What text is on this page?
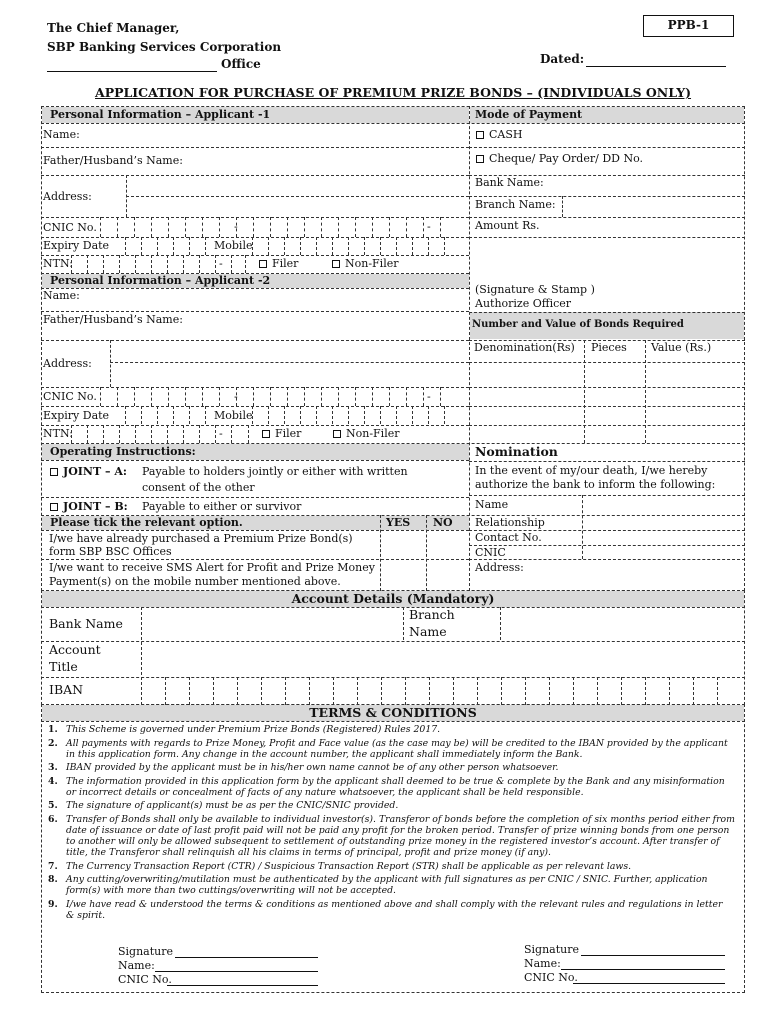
The Chief Manager,
SBP Banking Services Corporation
Office
PPB-1
Dated:
APPLICATION FOR PURCHASE OF PREMIUM PRIZE BONDS – (INDIVIDUALS ONLY)
Personal Information – Applicant -1
Name:
Father/Husband’s Name:
Address:
CNIC No.
Expiry Date	Mobile
NTN:	Filer	Non-Filer
-	-
-
Personal Information – Applicant -2
Name:
Father/Husband’s Name:
Address:
CNIC No.
Expiry Date	Mobile
NTN:	Filer	Non-Filer
-	-
-
Operating Instructions:
JOINT – A: Payable to holders jointly or either with written
consent of the other
JOINT – B: Payable to either or survivor
Please tick the relevant option.	YES NO
I/we have already purchased a Premium Prize Bond(s)
form SBP BSC Offices
I/we want to receive SMS Alert for Profit and Prize Money
Payment(s) on the mobile number mentioned above.
Mode of Payment
CASH
Cheque/ Pay Order/ DD No.
Bank Name:
Branch Name:
Amount Rs.
(Signature & Stamp )
Authorize Officer
Number and Value of Bonds Required
Denomination(Rs) Pieces Value (Rs.)
Nomination
In the event of my/our death, I/we hereby
authorize the bank to inform the following:
Name
Relationship
Contact No.
CNIC
Address:
Account Details (Mandatory)
Bank Name
Branch
Name
Account
Title
IBAN
TERMS & CONDITIONS
1. This Scheme is governed under Premium Prize Bonds (Registered) Rules 2017.
2. All payments with regards to Prize Money, Profit and Face value (as the case may be) will be credited to the IBAN provided by the applicant
in this application form. Any change in the account number, the applicant shall immediately inform the Bank.
3. IBAN provided by the applicant must be in his/her own name cannot be of any other person whatsoever.
4. The information provided in this application form by the applicant shall deemed to be true & complete by the Bank and any misinformation
or incorrect details or concealment of facts of any nature whatsoever, the applicant shall be held responsible.
5. The signature of applicant(s) must be as per the CNIC/SNIC provided.
6. Transfer of Bonds shall only be available to individual investor(s). Transferor of bonds before the completion of six months period either from
date of issuance or date of last profit paid will not be paid any profit for the broken period. Transfer of prize winning bonds from one person
to another will only be allowed subsequent to settlement of outstanding prize money in the registered investor’s account. After transfer of
title, the Transferor shall relinquish all his claims in terms of principal, profit and prize money (if any).
7. The Currency Transaction Report (CTR) / Suspicious Transaction Report (STR) shall be applicable as per relevant laws.
8. Any cutting/overwriting/mutilation must be authenticated by the applicant with full signatures as per CNIC / SNIC. Further, application
form(s) with more than two cuttings/overwriting will not be accepted.
9. I/we have read & understood the terms & conditions as mentioned above and shall comply with the relevant rules and regulations in letter
& spirit.
Signature
Name:
CNIC No.
Signature
Name:
CNIC No.
